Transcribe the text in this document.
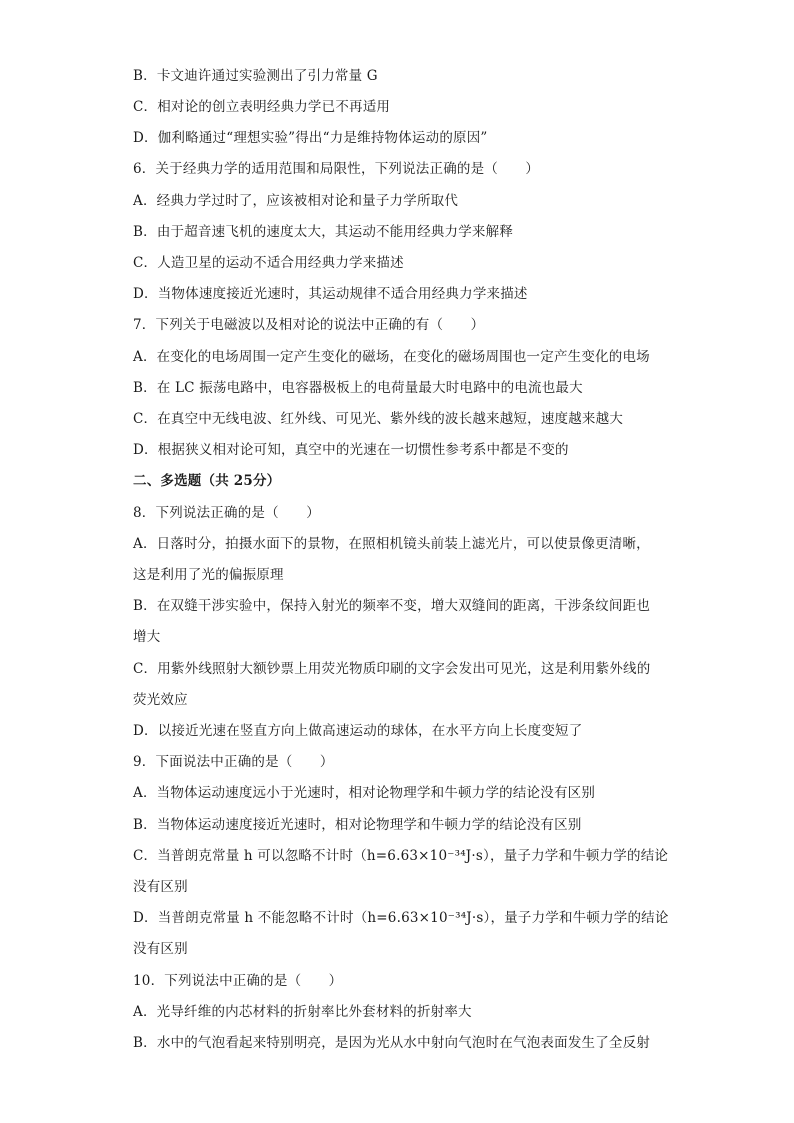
B．卡文迪许通过实验测出了引力常量 G
C．相对论的创立表明经典力学已不再适用
D．伽利略通过“理想实验”得出“力是维持物体运动的原因”
6．关于经典力学的适用范围和局限性，下列说法正确的是（　　）
A．经典力学过时了，应该被相对论和量子力学所取代
B．由于超音速飞机的速度太大，其运动不能用经典力学来解释
C．人造卫星的运动不适合用经典力学来描述
D．当物体速度接近光速时，其运动规律不适合用经典力学来描述
7．下列关于电磁波以及相对论的说法中正确的有（　　）
A．在变化的电场周围一定产生变化的磁场，在变化的磁场周围也一定产生变化的电场
B．在 LC 振荡电路中，电容器极板上的电荷量最大时电路中的电流也最大
C．在真空中无线电波、红外线、可见光、紫外线的波长越来越短，速度越来越大
D．根据狭义相对论可知，真空中的光速在一切惯性参考系中都是不变的
二、多选题（共 25分）
8．下列说法正确的是（　　）
A．日落时分，拍摄水面下的景物，在照相机镜头前装上滤光片，可以使景像更清晰，
这是利用了光的偏振原理
B．在双缝干涉实验中，保持入射光的频率不变，增大双缝间的距离，干涉条纹间距也
增大
C．用紫外线照射大额钞票上用荧光物质印刷的文字会发出可见光，这是利用紫外线的
荧光效应
D．以接近光速在竖直方向上做高速运动的球体，在水平方向上长度变短了
9．下面说法中正确的是（　　）
A．当物体运动速度远小于光速时，相对论物理学和牛顿力学的结论没有区别
B．当物体运动速度接近光速时，相对论物理学和牛顿力学的结论没有区别
C．当普朗克常量 h 可以忽略不计时（h=6.63×10⁻³⁴J·s），量子力学和牛顿力学的结论
没有区别
D．当普朗克常量 h 不能忽略不计时（h=6.63×10⁻³⁴J·s），量子力学和牛顿力学的结论
没有区别
10．下列说法中正确的是（　　）
A．光导纤维的内芯材料的折射率比外套材料的折射率大
B．水中的气泡看起来特别明亮，是因为光从水中射向气泡时在气泡表面发生了全反射
